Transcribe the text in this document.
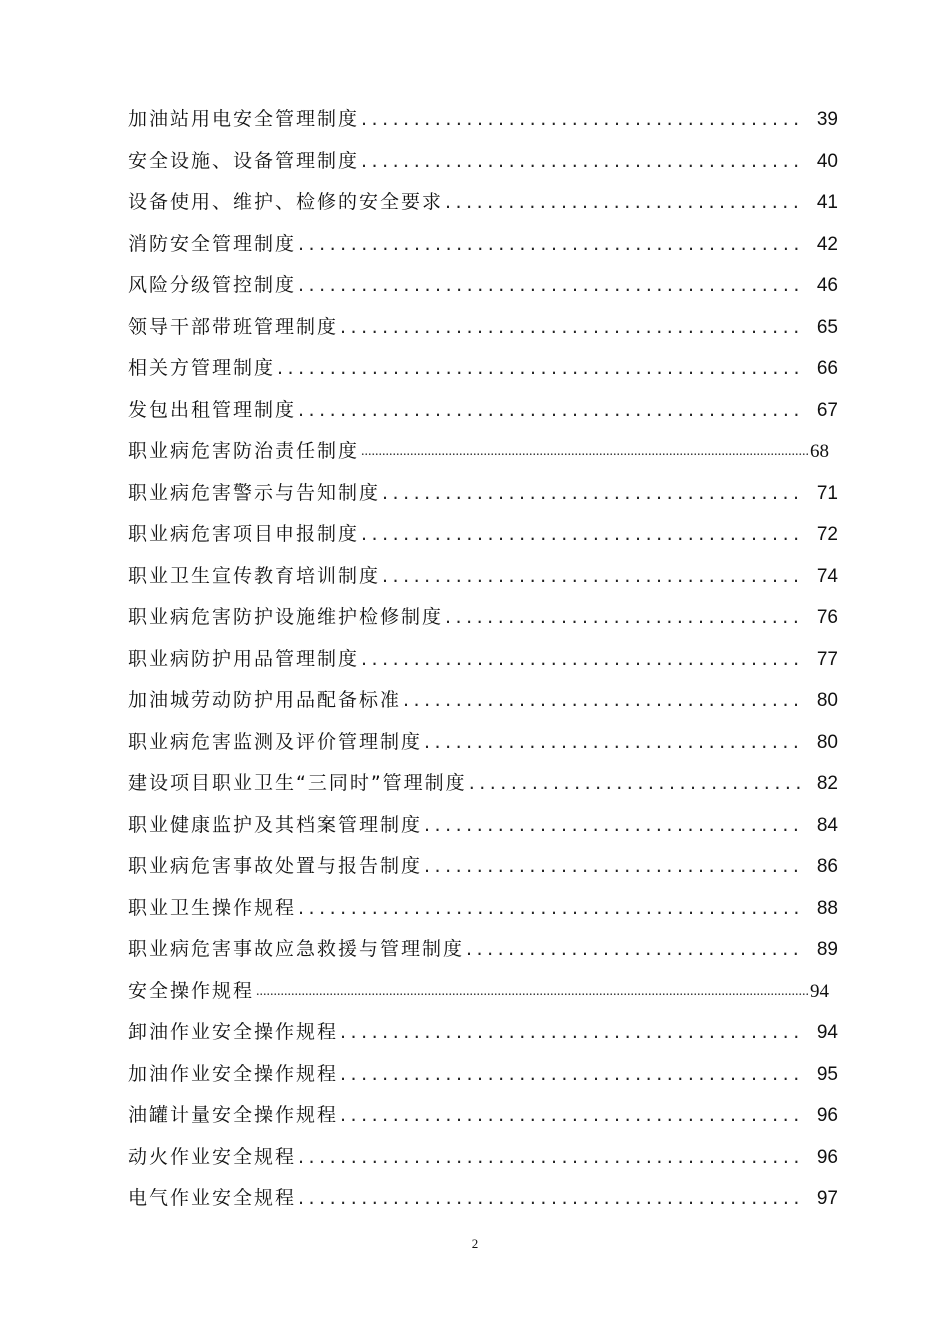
加油站用电安全管理制度 .....	39
安全设施、设备管理制度 .....	40
设备使用、维护、检修的安全要求 .....	41
消防安全管理制度 .....	42
风险分级管控制度 .....	46
领导干部带班管理制度 .....	65
相关方管理制度 .....	66
发包出租管理制度 .....	67
职业病危害防治责任制度 .....	68
职业病危害警示与告知制度 .....	71
职业病危害项目申报制度 .....	72
职业卫生宣传教育培训制度 .....	74
职业病危害防护设施维护检修制度 .....	76
职业病防护用品管理制度 .....	77
加油城劳动防护用品配备标准 .....	80
职业病危害监测及评价管理制度 .....	80
建设项目职业卫生“三同时”管理制度 .....	82
职业健康监护及其档案管理制度 .....	84
职业病危害事故处置与报告制度 .....	86
职业卫生操作规程 .....	88
职业病危害事故应急救援与管理制度 .....	89
安全操作规程 .....	94
卸油作业安全操作规程 .....	94
加油作业安全操作规程 .....	95
油罐计量安全操作规程 .....	96
动火作业安全规程 .....	96
电气作业安全规程 .....	97
2
